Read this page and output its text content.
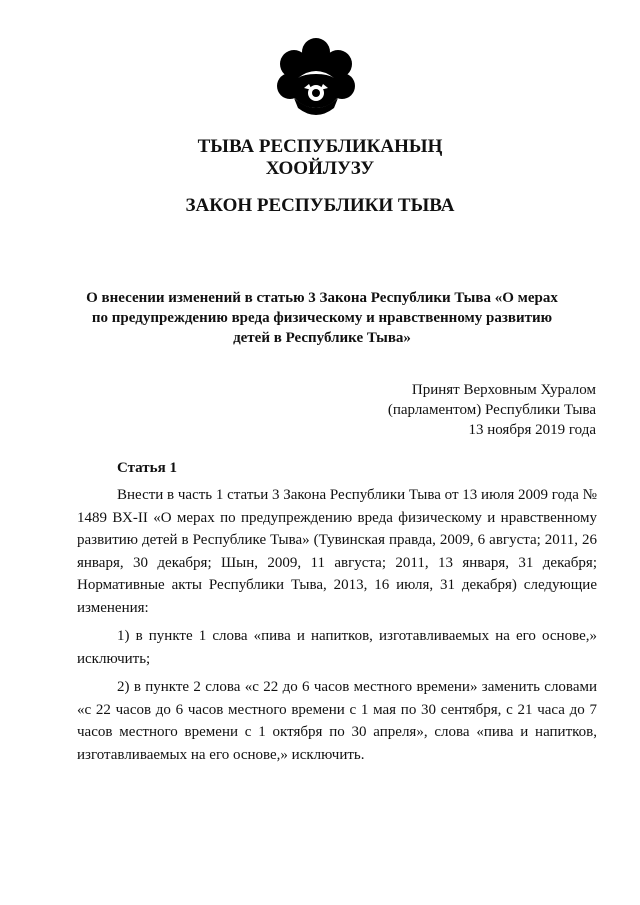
ТЫВА РЕСПУБЛИКАНЫҢ
ХООЙЛУЗУ
ЗАКОН РЕСПУБЛИКИ ТЫВА
О внесении изменений в статью 3 Закона Республики Тыва «О мерах по предупреждению вреда физическому и нравственному развитию детей в Республике Тыва»
Принят Верховным Хуралом
(парламентом) Республики Тыва
13 ноября 2019 года
Статья 1

Внести в часть 1 статьи 3 Закона Республики Тыва от 13 июля 2009 года № 1489 ВХ-II «О мерах по предупреждению вреда физическому и нравственному развитию детей в Республике Тыва» (Тувинская правда, 2009, 6 августа; 2011, 26 января, 30 декабря; Шын, 2009, 11 августа; 2011, 13 января, 31 декабря; Нормативные акты Республики Тыва, 2013, 16 июля, 31 декабря) следующие изменения:

1) в пункте 1 слова «пива и напитков, изготавливаемых на его основе,» исключить;

2) в пункте 2 слова «с 22 до 6 часов местного времени» заменить словами «с 22 часов до 6 часов местного времени с 1 мая по 30 сентября, с 21 часа до 7 часов местного времени с 1 октября по 30 апреля», слова «пива и напитков, изготавливаемых на его основе,» исключить.
